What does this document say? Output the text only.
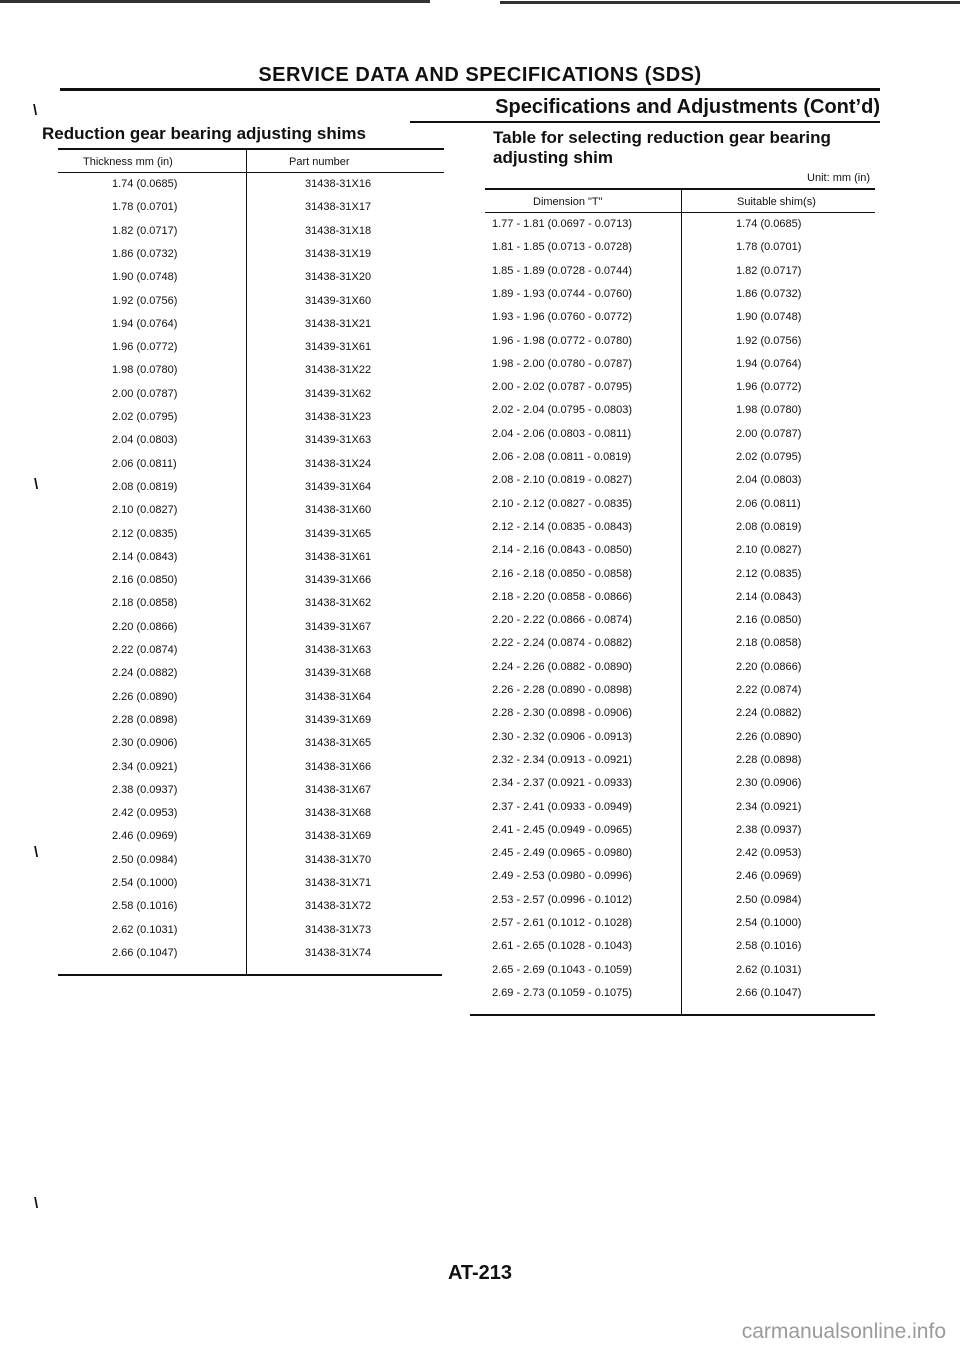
SERVICE DATA AND SPECIFICATIONS (SDS)
Specifications and Adjustments (Cont’d)
\
Reduction gear bearing adjusting shims
Thickness mm (in)	Part number
1.74 (0.0685)	31438-31X16
1.78 (0.0701)	31438-31X17
1.82 (0.0717)	31438-31X18
1.86 (0.0732)	31438-31X19
1.90 (0.0748)	31438-31X20
1.92 (0.0756)	31439-31X60
1.94 (0.0764)	31438-31X21
1.96 (0.0772)	31439-31X61
1.98 (0.0780)	31438-31X22
2.00 (0.0787)	31439-31X62
2.02 (0.0795)	31438-31X23
2.04 (0.0803)	31439-31X63
2.06 (0.0811)	31438-31X24
2.08 (0.0819)	31439-31X64
2.10 (0.0827)	31438-31X60
2.12 (0.0835)	31439-31X65
2.14 (0.0843)	31438-31X61
2.16 (0.0850)	31439-31X66
2.18 (0.0858)	31438-31X62
2.20 (0.0866)	31439-31X67
2.22 (0.0874)	31438-31X63
2.24 (0.0882)	31439-31X68
2.26 (0.0890)	31438-31X64
2.28 (0.0898)	31439-31X69
2.30 (0.0906)	31438-31X65
2.34 (0.0921)	31438-31X66
2.38 (0.0937)	31438-31X67
2.42 (0.0953)	31438-31X68
2.46 (0.0969)	31438-31X69
2.50 (0.0984)	31438-31X70
2.54 (0.1000)	31438-31X71
2.58 (0.1016)	31438-31X72
2.62 (0.1031)	31438-31X73
2.66 (0.1047)	31438-31X74
Table for selecting reduction gear bearing
adjusting shim
Unit: mm (in)
Dimension "T"	Suitable shim(s)
1.77 - 1.81 (0.0697 - 0.0713)	1.74 (0.0685)
1.81 - 1.85 (0.0713 - 0.0728)	1.78 (0.0701)
1.85 - 1.89 (0.0728 - 0.0744)	1.82 (0.0717)
1.89 - 1.93 (0.0744 - 0.0760)	1.86 (0.0732)
1.93 - 1.96 (0.0760 - 0.0772)	1.90 (0.0748)
1.96 - 1.98 (0.0772 - 0.0780)	1.92 (0.0756)
1.98 - 2.00 (0.0780 - 0.0787)	1.94 (0.0764)
2.00 - 2.02 (0.0787 - 0.0795)	1.96 (0.0772)
2.02 - 2.04 (0.0795 - 0.0803)	1.98 (0.0780)
2.04 - 2.06 (0.0803 - 0.0811)	2.00 (0.0787)
2.06 - 2.08 (0.0811 - 0.0819)	2.02 (0.0795)
2.08 - 2.10 (0.0819 - 0.0827)	2.04 (0.0803)
2.10 - 2.12 (0.0827 - 0.0835)	2.06 (0.0811)
2.12 - 2.14 (0.0835 - 0.0843)	2.08 (0.0819)
2.14 - 2.16 (0.0843 - 0.0850)	2.10 (0.0827)
2.16 - 2.18 (0.0850 - 0.0858)	2.12 (0.0835)
2.18 - 2.20 (0.0858 - 0.0866)	2.14 (0.0843)
2.20 - 2.22 (0.0866 - 0.0874)	2.16 (0.0850)
2.22 - 2.24 (0.0874 - 0.0882)	2.18 (0.0858)
2.24 - 2.26 (0.0882 - 0.0890)	2.20 (0.0866)
2.26 - 2.28 (0.0890 - 0.0898)	2.22 (0.0874)
2.28 - 2.30 (0.0898 - 0.0906)	2.24 (0.0882)
2.30 - 2.32 (0.0906 - 0.0913)	2.26 (0.0890)
2.32 - 2.34 (0.0913 - 0.0921)	2.28 (0.0898)
2.34 - 2.37 (0.0921 - 0.0933)	2.30 (0.0906)
2.37 - 2.41 (0.0933 - 0.0949)	2.34 (0.0921)
2.41 - 2.45 (0.0949 - 0.0965)	2.38 (0.0937)
2.45 - 2.49 (0.0965 - 0.0980)	2.42 (0.0953)
2.49 - 2.53 (0.0980 - 0.0996)	2.46 (0.0969)
2.53 - 2.57 (0.0996 - 0.1012)	2.50 (0.0984)
2.57 - 2.61 (0.1012 - 0.1028)	2.54 (0.1000)
2.61 - 2.65 (0.1028 - 0.1043)	2.58 (0.1016)
2.65 - 2.69 (0.1043 - 0.1059)	2.62 (0.1031)
2.69 - 2.73 (0.1059 - 0.1075)	2.66 (0.1047)
\
\
\
AT-213
carmanualsonline.info
